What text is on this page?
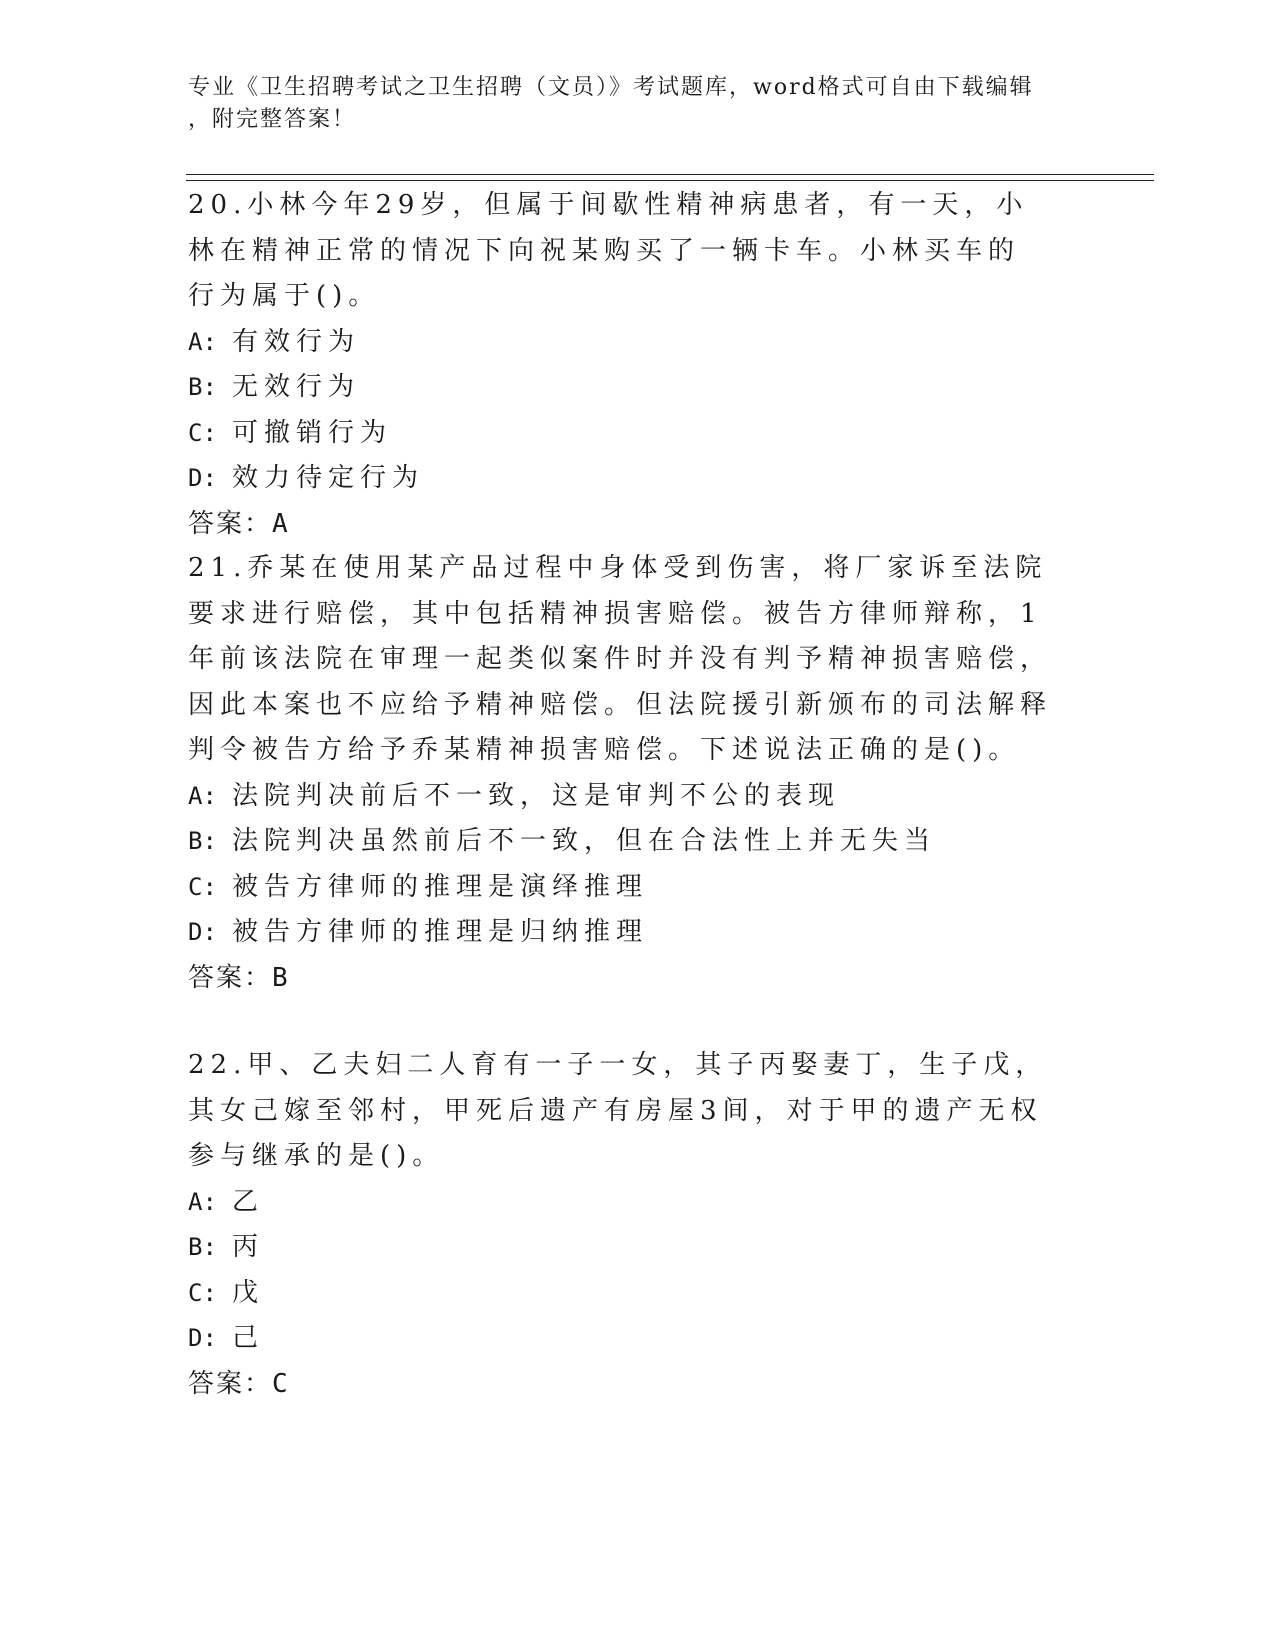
专业《卫生招聘考试之卫生招聘（文员）》考试题库，word格式可自由下载编辑
，附完整答案！

20.小林今年29岁，但属于间歇性精神病患者，有一天，小林在精神正常的情况下向祝某购买了一辆卡车。小林买车的行为属于()。

A: 有效行为
B: 无效行为
C: 可撤销行为
D: 效力待定行为
答案：A

21.乔某在使用某产品过程中身体受到伤害，将厂家诉至法院要求进行赔偿，其中包括精神损害赔偿。被告方律师辩称，1年前该法院在审理一起类似案件时并没有判予精神损害赔偿，因此本案也不应给予精神赔偿。但法院援引新颁布的司法解释判令被告方给予乔某精神损害赔偿。下述说法正确的是()。

A: 法院判决前后不一致，这是审判不公的表现
B: 法院判决虽然前后不一致，但在合法性上并无失当
C: 被告方律师的推理是演绎推理
D: 被告方律师的推理是归纳推理
答案：B

22.甲、乙夫妇二人育有一子一女，其子丙娶妻丁，生子戊，其女己嫁至邻村，甲死后遗产有房屋3间，对于甲的遗产无权参与继承的是()。

A: 乙
B: 丙
C: 戊
D: 己
答案：C
